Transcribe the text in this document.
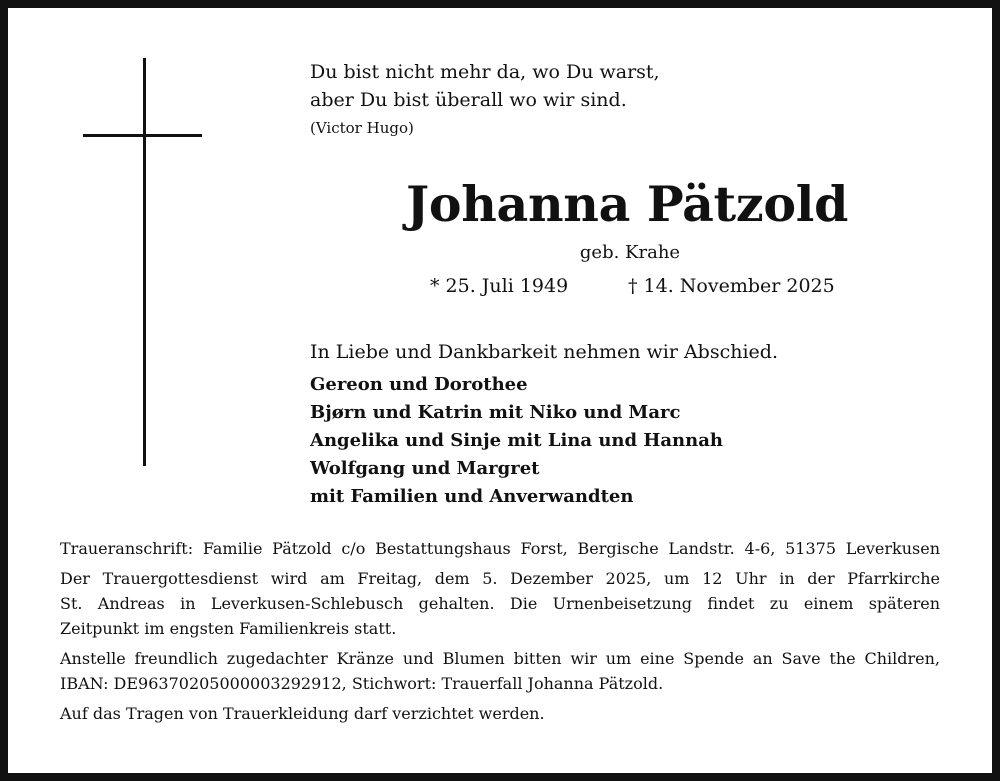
Du bist nicht mehr da, wo Du warst,
aber Du bist überall wo wir sind.
(Victor Hugo)
Johanna Pätzold
geb. Krahe
* 25. Juli 1949	† 14. November 2025
In Liebe und Dankbarkeit nehmen wir Abschied.
Gereon und Dorothee
Bjørn und Katrin mit Niko und Marc
Angelika und Sinje mit Lina und Hannah
Wolfgang und Margret
mit Familien und Anverwandten

Traueranschrift: Familie Pätzold c/o Bestattungshaus Forst, Bergische Landstr. 4-6, 51375 Leverkusen

Der Trauergottesdienst wird am Freitag, dem 5. Dezember 2025, um 12 Uhr in der Pfarrkirche
St. Andreas in Leverkusen-Schlebusch gehalten. Die Urnenbeisetzung findet zu einem späteren
Zeitpunkt im engsten Familienkreis statt.

Anstelle freundlich zugedachter Kränze und Blumen bitten wir um eine Spende an Save the Children,
IBAN: DE96370205000003292912, Stichwort: Trauerfall Johanna Pätzold.

Auf das Tragen von Trauerkleidung darf verzichtet werden.
